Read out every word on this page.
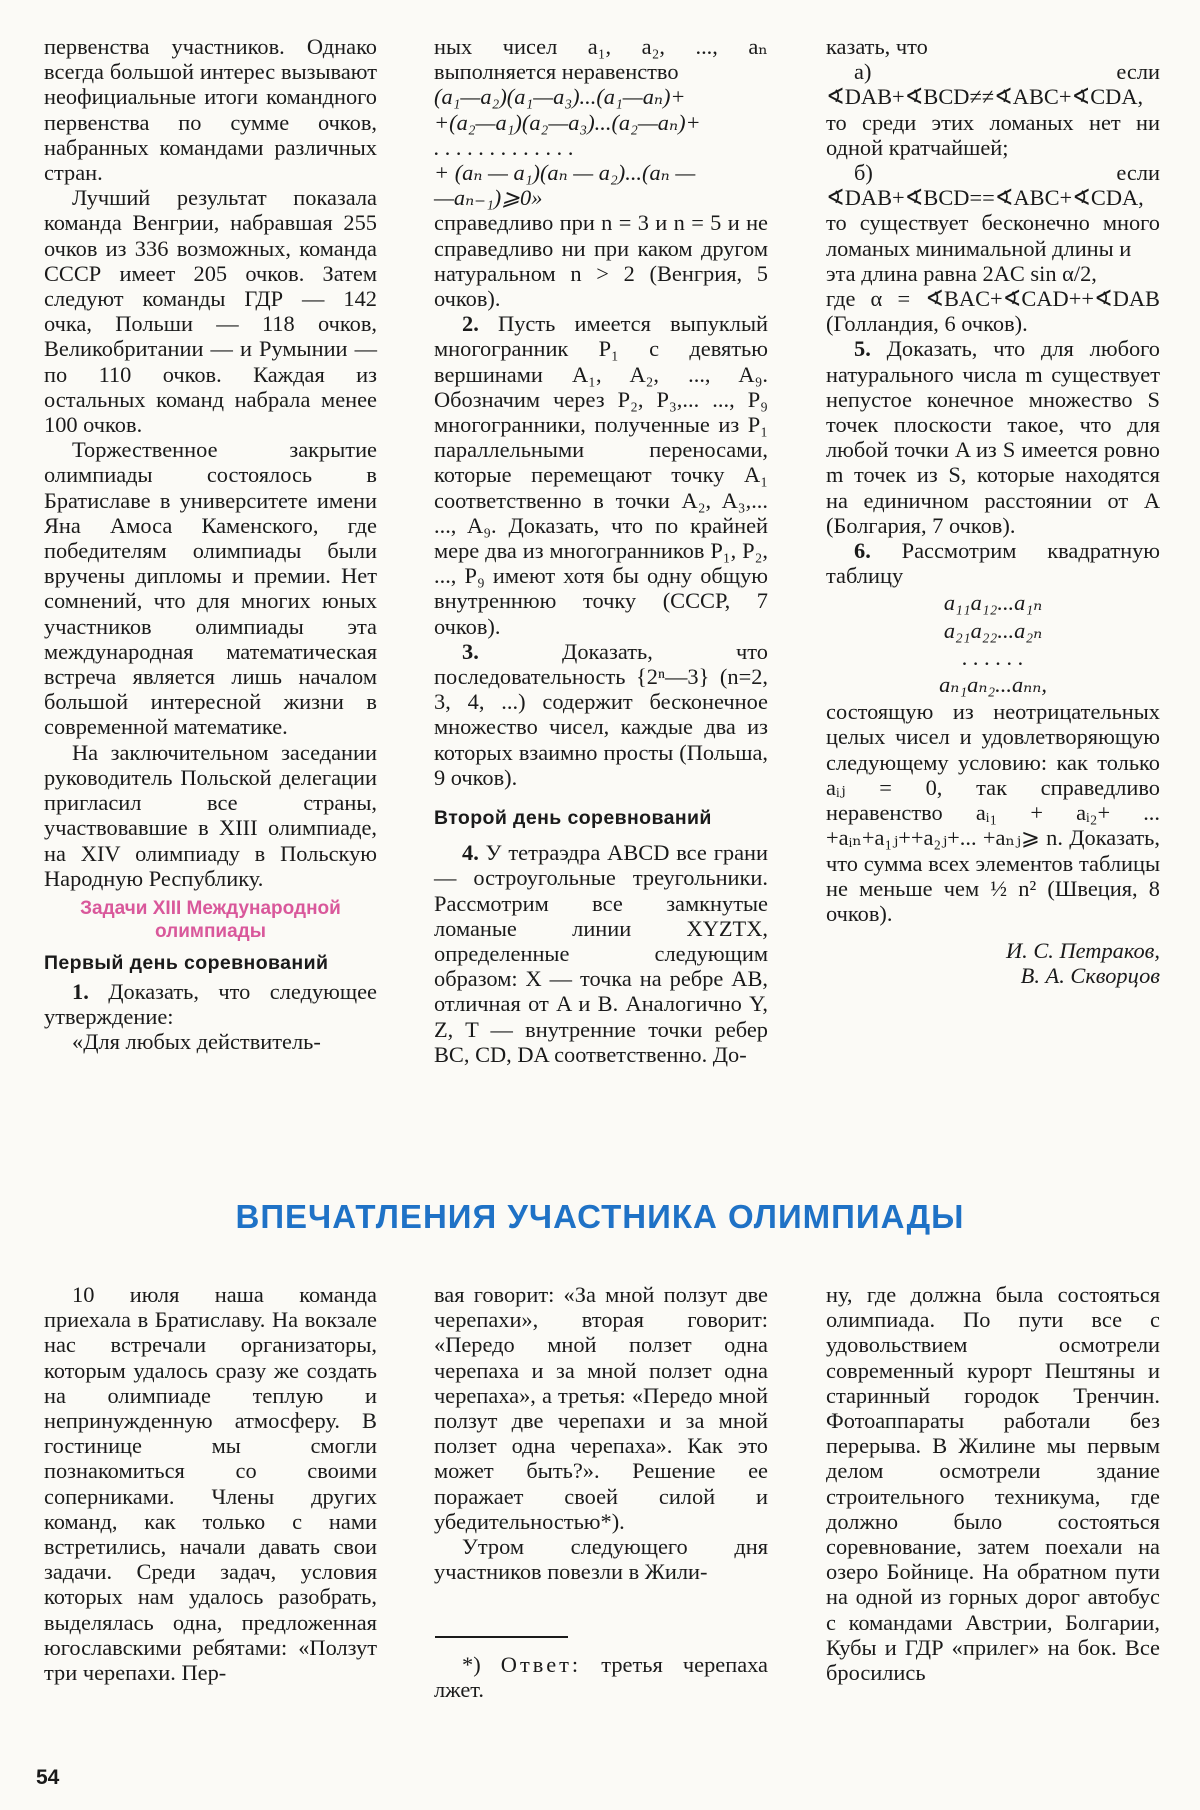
первенства участников. Однако всегда большой интерес вызывают неофициальные итоги командного первенства по сумме очков, набранных командами различных стран.

Лучший результат показала команда Венгрии, набравшая 255 очков из 336 возможных, команда СССР имеет 205 очков. Затем следуют команды ГДР — 142 очка, Польши — 118 очков, Великобритании — и Румынии — по 110 очков. Каждая из остальных команд набрала менее 100 очков.

Торжественное закрытие олимпиады состоялось в Братиславе в университете имени Яна Амоса Каменского, где победителям олимпиады были вручены дипломы и премии. Нет сомнений, что для многих юных участников олимпиады эта международная математическая встреча является лишь началом большой интересной жизни в современной математике.

На заключительном заседании руководитель Польской делегации пригласил все страны, участвовавшие в XIII олимпиаде, на XIV олимпиаду в Польскую Народную Республику.

Задачи XIII Международной олимпиады
Первый день соревнований

1. Доказать, что следующее утверждение:

«Для любых действитель-

ных чисел a₁, a₂, ..., aₙ выполняется неравенство

(a₁—a₂)(a₁—a₃)...(a₁—aₙ)+
+(a₂—a₁)(a₂—a₃)...(a₂—aₙ)+
. . . . . . . . . . . . .
+ (aₙ — a₁)(aₙ — a₂)...(aₙ —
—aₙ₋₁)⩾0»

справедливо при n = 3 и n = 5 и не справедливо ни при каком другом натуральном n > 2 (Венгрия, 5 очков).

2. Пусть имеется выпуклый многогранник P₁ с девятью вершинами A₁, A₂, ..., A₉. Обозначим через P₂, P₃,... ..., P₉ многогранники, полученные из P₁ параллельными переносами, которые перемещают точку A₁ соответственно в точки A₂, A₃,... ..., A₉. Доказать, что по крайней мере два из многогранников P₁, P₂, ..., P₉ имеют хотя бы одну общую внутреннюю точку (СССР, 7 очков).

3. Доказать, что последовательность {2ⁿ—3} (n=2, 3, 4, ...) содержит бесконечное множество чисел, каждые два из которых взаимно просты (Польша, 9 очков).

Второй день соревнований

4. У тетраэдра ABCD все грани — остроугольные треугольники. Рассмотрим все замкнутые ломаные линии XYZTX, определенные следующим образом: X — точка на ребре AB, отличная от A и B. Аналогично Y, Z, T — внутренние точки ребер BC, CD, DA соответственно. До-

казать, что

а) если ∢DAB+∢BCD≠≠∢ABC+∢CDA, то среди этих ломаных нет ни одной кратчайшей;

б) если ∢DAB+∢BCD==∢ABC+∢CDA, то существует бесконечно много ломаных минимальной длины и

эта длина равна 2AC sin α/2,

где α = ∢BAC+∢CAD++∢DAB (Голландия, 6 очков).

5. Доказать, что для любого натурального числа m существует непустое конечное множество S точек плоскости такое, что для любой точки A из S имеется ровно m точек из S, которые находятся на единичном расстоянии от A (Болгария, 7 очков).

6. Рассмотрим квадратную таблицу

a₁₁a₁₂...a₁ₙ
a₂₁a₂₂...a₂ₙ
. . . . . .
aₙ₁aₙ₂...aₙₙ,

состоящую из неотрицательных целых чисел и удовлетворяющую следующему условию: как только aᵢⱼ = 0, так справедливо неравенство aᵢ₁ + aᵢ₂+ ... +aᵢₙ+a₁ⱼ++a₂ⱼ+... +aₙⱼ⩾ n. Доказать, что сумма всех элементов таблицы не меньше чем ½ n² (Швеция, 8 очков).

И. С. Петраков,
В. А. Скворцов
ВПЕЧАТЛЕНИЯ УЧАСТНИКА ОЛИМПИАДЫ

10 июля наша команда приехала в Братиславу. На вокзале нас встречали организаторы, которым удалось сразу же создать на олимпиаде теплую и непринужденную атмосферу. В гостинице мы смогли познакомиться со своими соперниками. Члены других команд, как только с нами встретились, начали давать свои задачи. Среди задач, условия которых нам удалось разобрать, выделялась одна, предложенная югославскими ребятами: «Ползут три черепахи. Пер-

вая говорит: «За мной ползут две черепахи», вторая говорит: «Передо мной ползет одна черепаха и за мной ползет одна черепаха», а третья: «Передо мной ползут две черепахи и за мной ползет одна черепаха». Как это может быть?». Решение ее поражает своей силой и убедительностью*).

Утром следующего дня участников повезли в Жили-

*) Ответ: третья черепаха лжет.

ну, где должна была состояться олимпиада. По пути все с удовольствием осмотрели современный курорт Пештяны и старинный городок Тренчин. Фотоаппараты работали без перерыва. В Жилине мы первым делом осмотрели здание строительного техникума, где должно было состояться соревнование, затем поехали на озеро Бойнице. На обратном пути на одной из горных дорог автобус с командами Австрии, Болгарии, Кубы и ГДР «прилег» на бок. Все бросились

54
